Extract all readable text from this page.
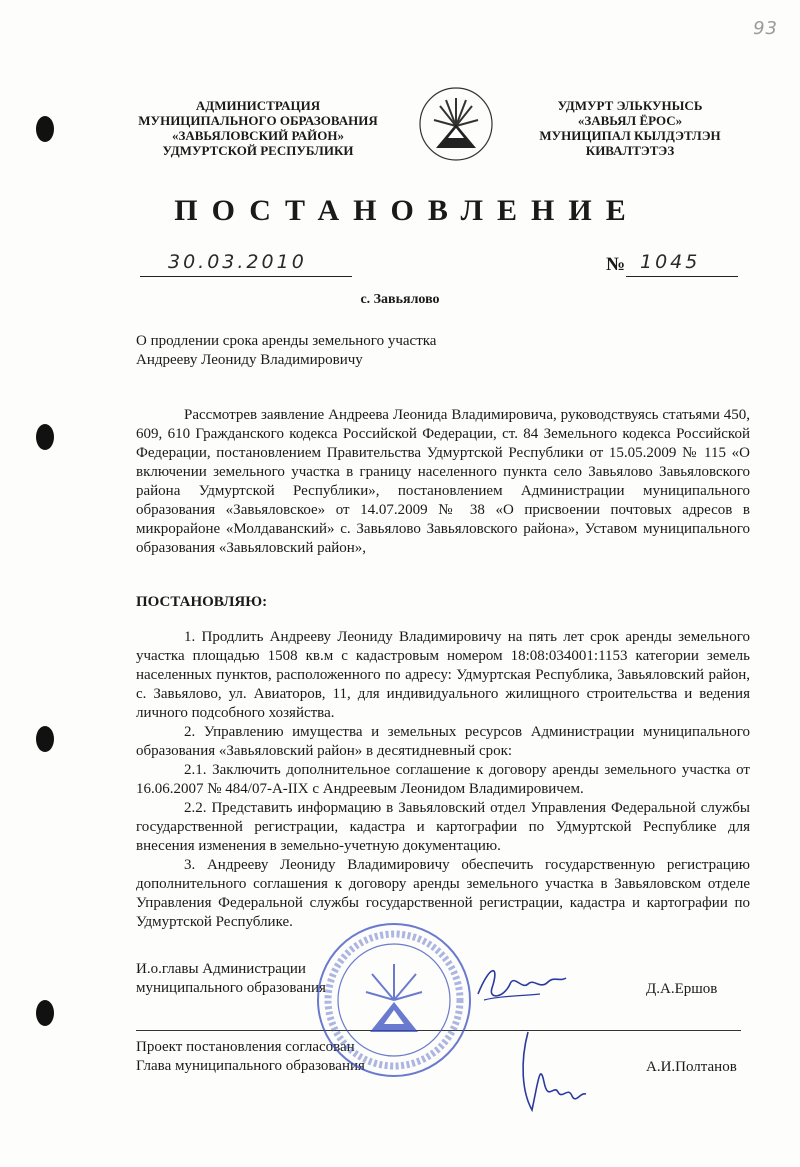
93
АДМИНИСТРАЦИЯ
МУНИЦИПАЛЬНОГО ОБРАЗОВАНИЯ
«ЗАВЬЯЛОВСКИЙ РАЙОН»
УДМУРТСКОЙ РЕСПУБЛИКИ
УДМУРТ ЭЛЬКУНЫСЬ
«ЗАВЬЯЛ ЁРОС»
МУНИЦИПАЛ КЫЛДЭТЛЭН
КИВАЛТЭТЭЗ
ПОСТАНОВЛЕНИЕ
30.03.2010	№ 1045
с. Завьялово
О продлении срока аренды земельного участка
Андрееву Леониду Владимировичу

Рассмотрев заявление Андреева Леонида Владимировича, руководствуясь статьями 450, 609, 610 Гражданского кодекса Российской Федерации, ст. 84 Земельного кодекса Российской Федерации, постановлением Правительства Удмуртской Республики от 15.05.2009 № 115 «О включении земельного участка в границу населенного пункта село Завьялово Завьяловского района Удмуртской Республики», постановлением Администрации муниципального образования «Завьяловское» от 14.07.2009 № 38 «О присвоении почтовых адресов в микрорайоне «Молдаванский» с. Завьялово Завьяловского района», Уставом муниципального образования «Завьяловский район»,

ПОСТАНОВЛЯЮ:

1. Продлить Андрееву Леониду Владимировичу на пять лет срок аренды земельного участка площадью 1508 кв.м с кадастровым номером 18:08:034001:1153 категории земель населенных пунктов, расположенного по адресу: Удмуртская Республика, Завьяловский район, с. Завьялово, ул. Авиаторов, 11, для индивидуального жилищного строительства и ведения личного подсобного хозяйства.

2. Управлению имущества и земельных ресурсов Администрации муниципального образования «Завьяловский район» в десятидневный срок:

2.1. Заключить дополнительное соглашение к договору аренды земельного участка от 16.06.2007 № 484/07-А-IIХ с Андреевым Леонидом Владимировичем.

2.2. Представить информацию в Завьяловский отдел Управления Федеральной службы государственной регистрации, кадастра и картографии по Удмуртской Республике для внесения изменения в земельно-учетную документацию.

3. Андрееву Леониду Владимировичу обеспечить государственную регистрацию дополнительного соглашения к договору аренды земельного участка в Завьяловском отделе Управления Федеральной службы государственной регистрации, кадастра и картографии по Удмуртской Республике.

И.о.главы Администрации
муниципального образования	Д.А.Ершов
Проект постановления согласован
Глава муниципального образования	А.И.Полтанов
